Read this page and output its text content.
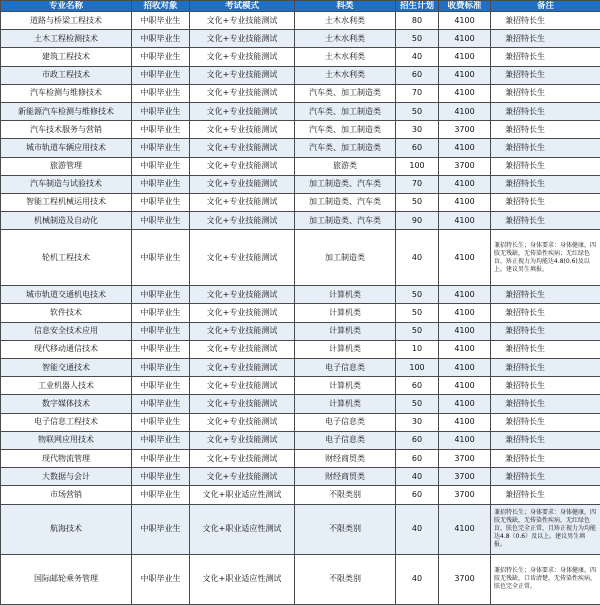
专业名称	招收对象	考试模式	科类	招生计划	收费标准	备注
道路与桥梁工程技术	中职毕业生	文化+专业技能测试	土木水利类	80	4100	兼招特长生
土木工程检测技术	中职毕业生	文化+专业技能测试	土木水利类	50	4100	兼招特长生
建筑工程技术	中职毕业生	文化+专业技能测试	土木水利类	40	4100	兼招特长生
市政工程技术	中职毕业生	文化+专业技能测试	土木水利类	60	4100	兼招特长生
汽车检测与维修技术	中职毕业生	文化+专业技能测试	汽车类、加工制造类	70	4100	兼招特长生
新能源汽车检测与维修技术	中职毕业生	文化+专业技能测试	汽车类、加工制造类	50	4100	兼招特长生
汽车技术服务与营销	中职毕业生	文化+专业技能测试	汽车类、加工制造类	30	3700	兼招特长生
城市轨道车辆应用技术	中职毕业生	文化+专业技能测试	汽车类、加工制造类	60	4100	兼招特长生
旅游管理	中职毕业生	文化+专业技能测试	旅游类	100	3700	兼招特长生
汽车制造与试验技术	中职毕业生	文化+专业技能测试	加工制造类、汽车类	70	4100	兼招特长生
智能工程机械运用技术	中职毕业生	文化+专业技能测试	加工制造类、汽车类	50	4100	兼招特长生
机械制造及自动化	中职毕业生	文化+专业技能测试	加工制造类、汽车类	90	4100	兼招特长生
轮机工程技术	中职毕业生	文化+专业技能测试	加工制造类	40	4100	兼招特长生；身体要求：身体健康，四肢无残缺，无传染性疾病；无红绿色盲，矫正视力为均能达4.8(0.6)及以上。建议男生填报。
城市轨道交通机电技术	中职毕业生	文化+专业技能测试	计算机类	50	4100	兼招特长生
软件技术	中职毕业生	文化+专业技能测试	计算机类	50	4100	兼招特长生
信息安全技术应用	中职毕业生	文化+专业技能测试	计算机类	50	4100	兼招特长生
现代移动通信技术	中职毕业生	文化+专业技能测试	计算机类	10	4100	兼招特长生
智能交通技术	中职毕业生	文化+专业技能测试	电子信息类	100	4100	兼招特长生
工业机器人技术	中职毕业生	文化+专业技能测试	计算机类	60	4100	兼招特长生
数字媒体技术	中职毕业生	文化+专业技能测试	计算机类	50	4100	兼招特长生
电子信息工程技术	中职毕业生	文化+专业技能测试	电子信息类	30	4100	兼招特长生
物联网应用技术	中职毕业生	文化+专业技能测试	电子信息类	60	4100	兼招特长生
现代物流管理	中职毕业生	文化+专业技能测试	财经商贸类	60	3700	兼招特长生
大数据与会计	中职毕业生	文化+专业技能测试	财经商贸类	40	3700	兼招特长生
市场营销	中职毕业生	文化+职业适应性测试	不限类别	60	3700	兼招特长生
航海技术	中职毕业生	文化+职业适应性测试	不限类别	40	4100	兼招特长生；身体要求：身体健康，四肢无残缺，无传染性疾病，无红绿色盲，肤色完全正常，且矫正视力为均能达4.8（0.6）及以上。建议男生填报。
国际邮轮乘务管理	中职毕业生	文化+职业适应性测试	不限类别	40	3700	兼招特长生；身体要求：身体健康，四肢无残缺，口齿清楚，无传染性疾病，肤色完全正常。
